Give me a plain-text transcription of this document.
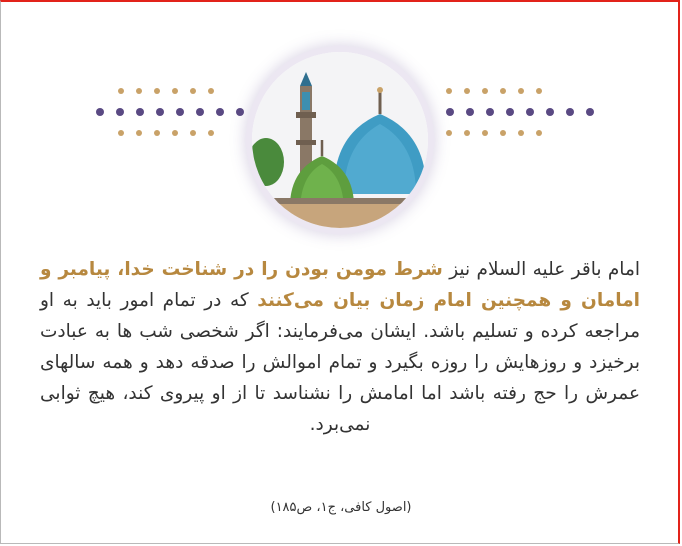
امام باقر علیه السلام نیز شرط مومن بودن را در شناخت خدا، پیامبر و امامان و همچنین امام زمان بیان می‌کنند که در تمام امور باید به او مراجعه کرده و تسلیم باشد. ایشان می‌فرمایند: اگر شخصی شب ها به عبادت برخیزد و روزهایش را روزه بگیرد و تمام اموالش را صدقه دهد و همه سالهای عمرش را حج رفته باشد اما امامش را نشناسد تا از او پیروی کند، هیچ ثوابی نمی‌برد.
(اصول کافی، ج۱، ص۱۸۵)
